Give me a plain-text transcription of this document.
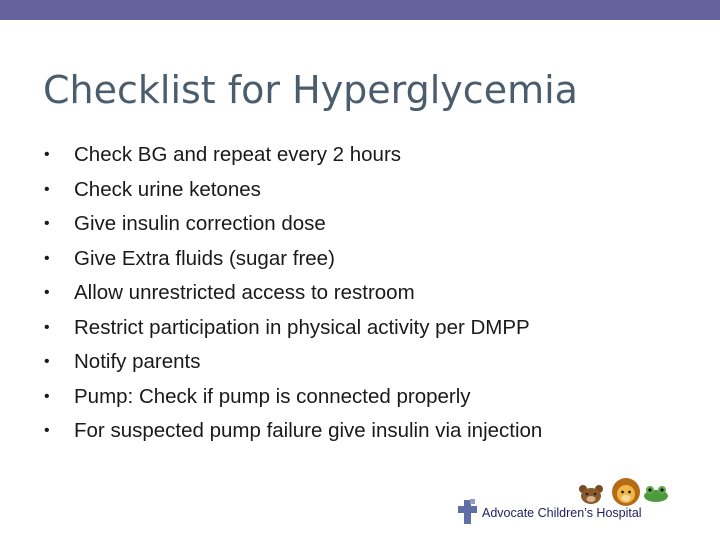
Checklist for Hyperglycemia
• Check BG and repeat every 2 hours
• Check urine ketones
• Give insulin correction dose
• Give Extra fluids (sugar free)
• Allow unrestricted access to restroom
• Restrict participation in physical activity per DMPP
• Notify parents
• Pump: Check if pump is connected properly
• For suspected pump failure give insulin via injection
Advocate Children’s Hospital
